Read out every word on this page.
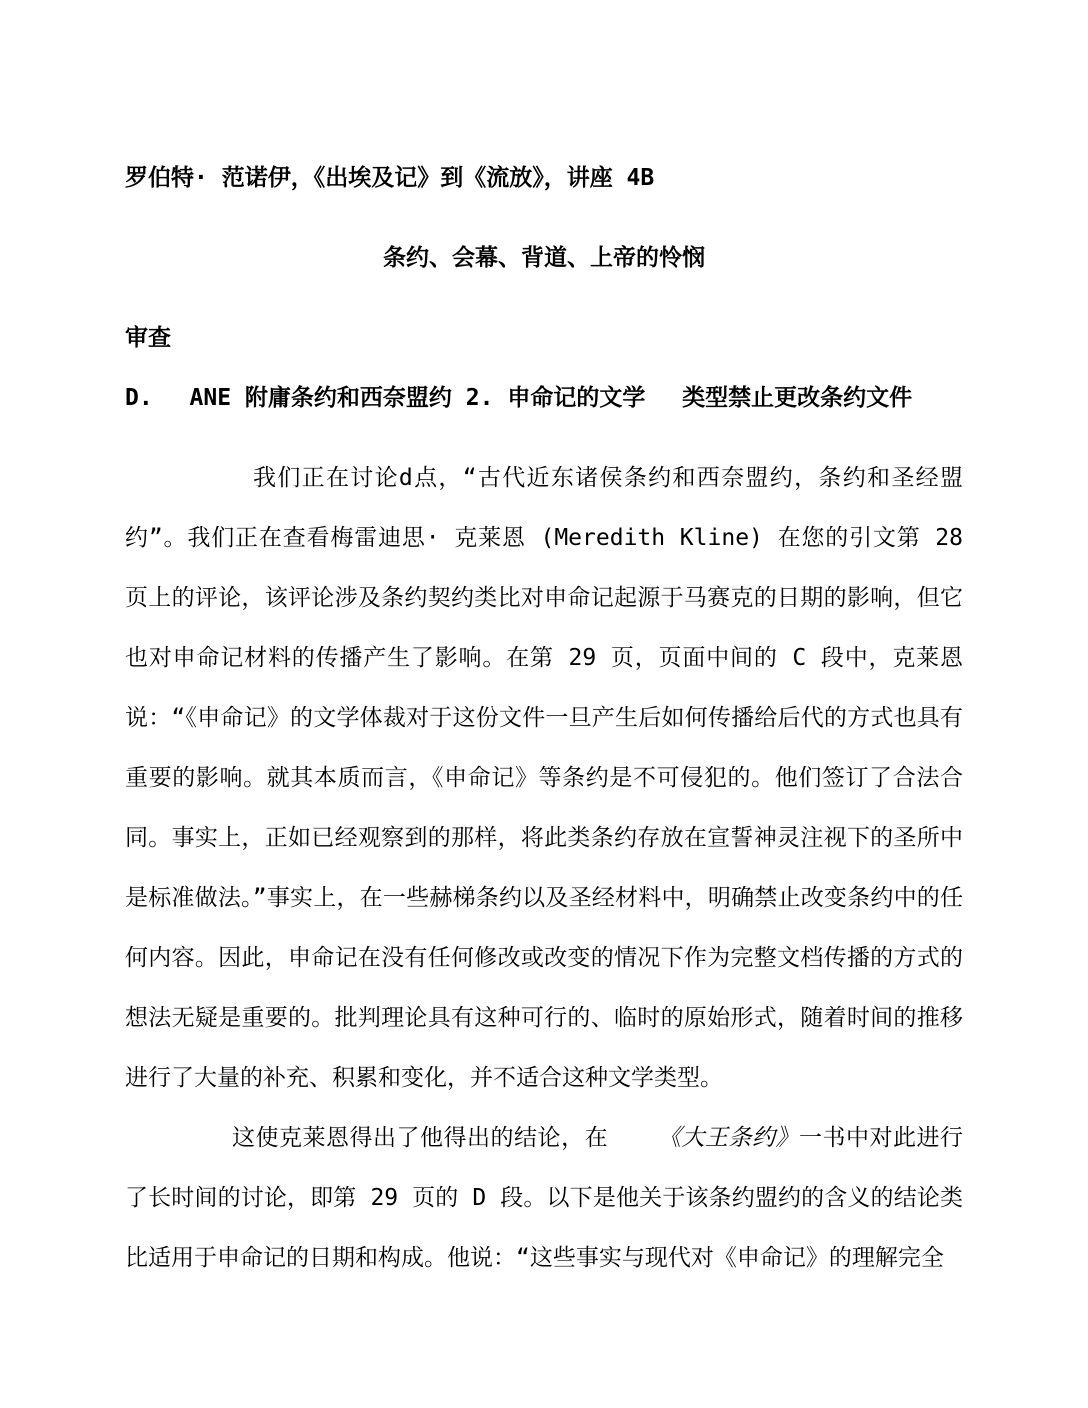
罗伯特· 范诺伊，《出埃及记》到《流放》，讲座 4B

条约、会幕、背道、上帝的怜悯

审查

D.　 ANE 附庸条约和西奈盟约 2. 申命记的文学　 类型禁止更改条约文件

我们正在讨论d点，“古代近东诸侯条约和西奈盟约，条约和圣经盟约”。我们正在查看梅雷迪思· 克莱恩 (Meredith Kline) 在您的引文第 28 页上的评论，该评论涉及条约契约类比对申命记起源于马赛克的日期的影响，但它也对申命记材料的传播产生了影响。在第 29 页，页面中间的 C 段中，克莱恩说：“《申命记》的文学体裁对于这份文件一旦产生后如何传播给后代的方式也具有重要的影响。就其本质而言，《申命记》等条约是不可侵犯的。他们签订了合法合同。事实上，正如已经观察到的那样，将此类条约存放在宣誓神灵注视下的圣所中是标准做法。”事实上，在一些赫梯条约以及圣经材料中，明确禁止改变条约中的任何内容。因此，申命记在没有任何修改或改变的情况下作为完整文档传播的方式的想法无疑是重要的。批判理论具有这种可行的、临时的原始形式，随着时间的推移进行了大量的补充、积累和变化，并不适合这种文学类型。

这使克莱恩得出了他得出的结论，在 　　《大王条约》一书中对此进行了长时间的讨论，即第 29 页的 D 段。以下是他关于该条约盟约的含义的结论类比适用于申命记的日期和构成。他说：“这些事实与现代对《申命记》的理解完全
